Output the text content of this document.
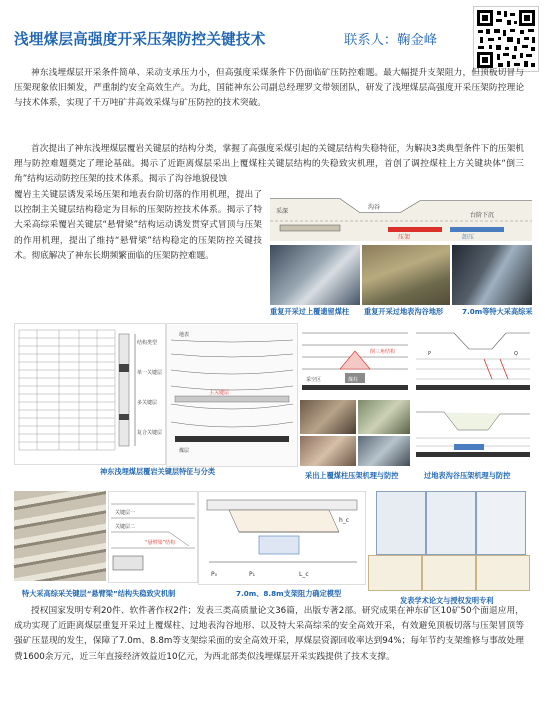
浅埋煤层高强度开采压架防控关键技术	联系人：鞠金峰
神东浅埋煤层开采条件简单、采动支承压力小，但高强度采煤条件下仍面临矿压防控难题。最大幅提升支架阻力，但顶板切冒与压架现象依旧频发，严重制约安全高效生产。为此，国能神东公司副总经理罗文带领团队，研发了浅埋煤层高强度开采压架防控理论与技术体系，实现了千万吨矿井高效采煤与矿压防控的技术突破。
首次提出了神东浅埋煤层覆岩关键层的结构分类，掌握了高强度采煤引起的关键层结构失稳特征，为解决3类典型条件下的压架机理与防控难题奠定了理论基础。揭示了近距离煤层采出上覆煤柱关键层结构的失稳致灾机理，首创了调控煤柱上方关键块体“倒三角”结构运动防控压架的技术体系。揭示了沟谷地貌侵蚀
覆岩主关键层诱发采场压架和地表台阶切落的作用机理，提出了以控制主关键层结构稳定为目标的压架防控技术体系。揭示了特大采高综采覆岩关键层“悬臂梁”结构运动诱发贯穿式冒顶与压架的作用机理，提出了维持“悬臂梁”结构稳定的压架防控关键技术。彻底解决了神东长期频繁面临的压架防控难题。
沟谷
采深
台阶下沉
压架	卸压
重复开采过上覆遗留煤柱 重复开采过地表沟谷地形	7.0m等特大采高综采
结构类型
单一关键层
多关键层
复合关键层
地表
主关键层
煤层
煤柱
采空区
倒三角结构	P	Q
神东浅埋煤层覆岩关键层特征与分类	采出上覆煤柱压架机理与防控	过地表沟谷压架机理与防控
关键层一
关键层二
“悬臂梁”结构
P₀	P₁
h_c
L_c
特大采高综采关键层“悬臂梁”结构失稳致灾机制	7.0m、8.8m支架阻力确定模型
发表学术论文与授权发明专利
授权国家发明专利20件、软件著作权2件；发表三类高质量论文36篇，出版专著2部。研究成果在神东矿区10矿50个面退应用，成功实现了近距离煤层重复开采过上覆煤柱、过地表沟谷地形、以及特大采高综采的安全高效开采，有效避免顶板切落与压架冒顶等强矿压显现的发生，保障了7.0m、8.8m等支架综采面的安全高效开采，厚煤层资源回收率达到94%；每年节约支架维修与事故处理费1600余万元，近三年直接经济效益近10亿元，为西北部类似浅埋煤层开采实践提供了技术支撑。
